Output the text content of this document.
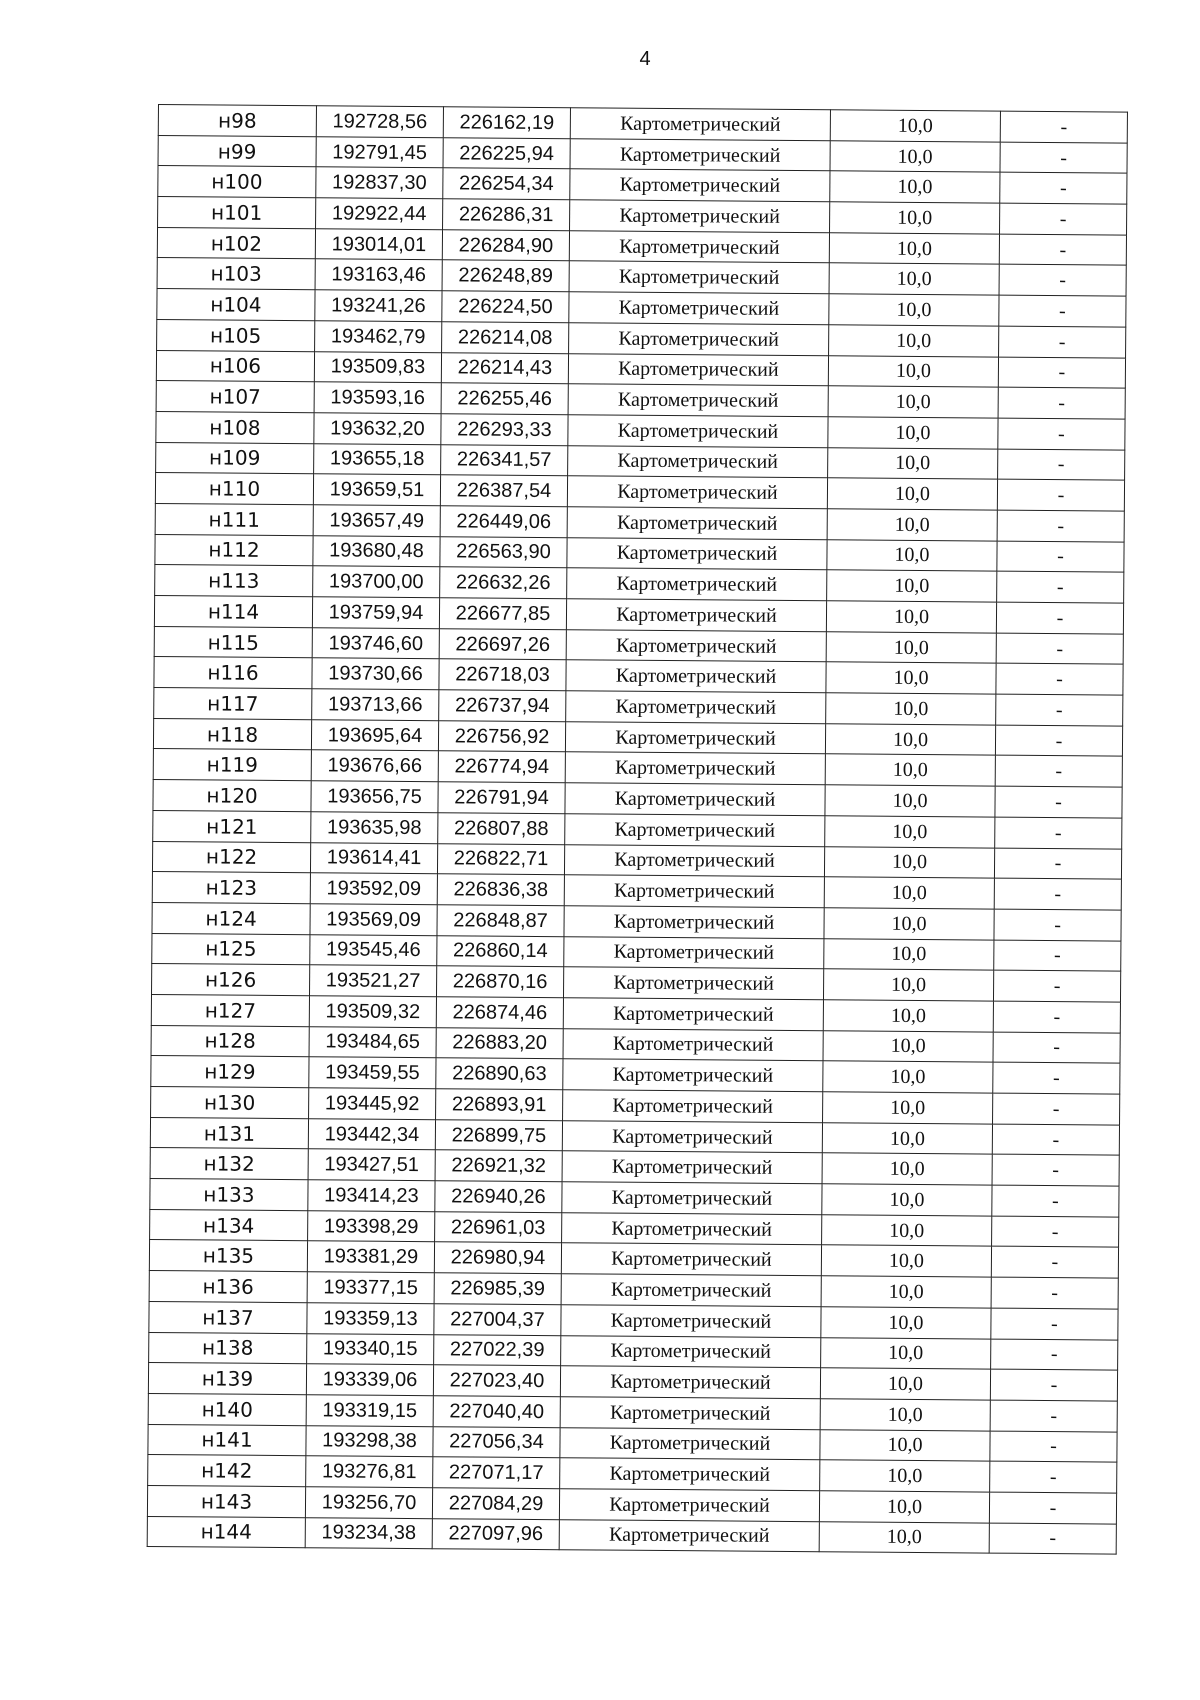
4
н98	192728,56	226162,19	Картометрический	10,0	-
н99	192791,45	226225,94	Картометрический	10,0	-
н100	192837,30	226254,34	Картометрический	10,0	-
н101	192922,44	226286,31	Картометрический	10,0	-
н102	193014,01	226284,90	Картометрический	10,0	-
н103	193163,46	226248,89	Картометрический	10,0	-
н104	193241,26	226224,50	Картометрический	10,0	-
н105	193462,79	226214,08	Картометрический	10,0	-
н106	193509,83	226214,43	Картометрический	10,0	-
н107	193593,16	226255,46	Картометрический	10,0	-
н108	193632,20	226293,33	Картометрический	10,0	-
н109	193655,18	226341,57	Картометрический	10,0	-
н110	193659,51	226387,54	Картометрический	10,0	-
н111	193657,49	226449,06	Картометрический	10,0	-
н112	193680,48	226563,90	Картометрический	10,0	-
н113	193700,00	226632,26	Картометрический	10,0	-
н114	193759,94	226677,85	Картометрический	10,0	-
н115	193746,60	226697,26	Картометрический	10,0	-
н116	193730,66	226718,03	Картометрический	10,0	-
н117	193713,66	226737,94	Картометрический	10,0	-
н118	193695,64	226756,92	Картометрический	10,0	-
н119	193676,66	226774,94	Картометрический	10,0	-
н120	193656,75	226791,94	Картометрический	10,0	-
н121	193635,98	226807,88	Картометрический	10,0	-
н122	193614,41	226822,71	Картометрический	10,0	-
н123	193592,09	226836,38	Картометрический	10,0	-
н124	193569,09	226848,87	Картометрический	10,0	-
н125	193545,46	226860,14	Картометрический	10,0	-
н126	193521,27	226870,16	Картометрический	10,0	-
н127	193509,32	226874,46	Картометрический	10,0	-
н128	193484,65	226883,20	Картометрический	10,0	-
н129	193459,55	226890,63	Картометрический	10,0	-
н130	193445,92	226893,91	Картометрический	10,0	-
н131	193442,34	226899,75	Картометрический	10,0	-
н132	193427,51	226921,32	Картометрический	10,0	-
н133	193414,23	226940,26	Картометрический	10,0	-
н134	193398,29	226961,03	Картометрический	10,0	-
н135	193381,29	226980,94	Картометрический	10,0	-
н136	193377,15	226985,39	Картометрический	10,0	-
н137	193359,13	227004,37	Картометрический	10,0	-
н138	193340,15	227022,39	Картометрический	10,0	-
н139	193339,06	227023,40	Картометрический	10,0	-
н140	193319,15	227040,40	Картометрический	10,0	-
н141	193298,38	227056,34	Картометрический	10,0	-
н142	193276,81	227071,17	Картометрический	10,0	-
н143	193256,70	227084,29	Картометрический	10,0	-
н144	193234,38	227097,96	Картометрический	10,0	-
